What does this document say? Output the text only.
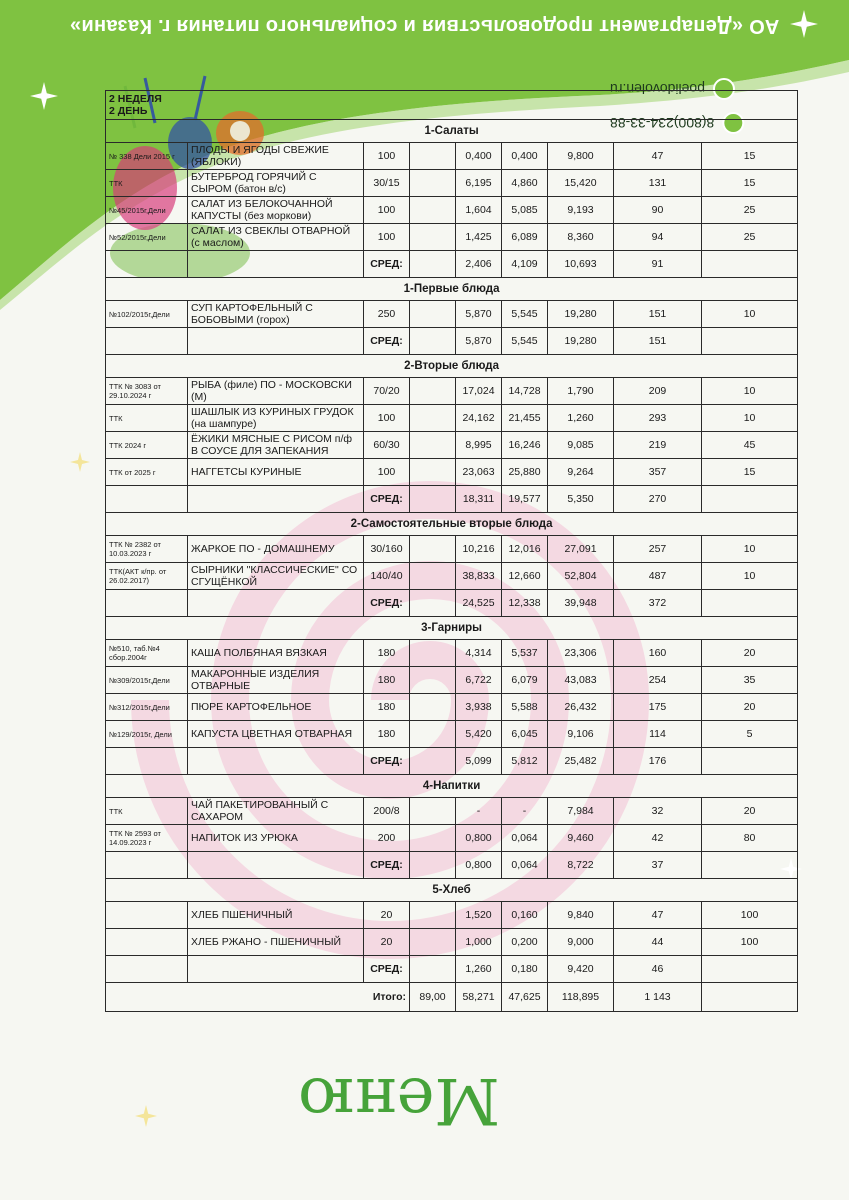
АО «Департамент продовольствия и социального питания г. Казани»
poelidovolen.ru
8(800)234-33-88
2 НЕДЕЛЯ
2 ДЕНЬ								

1-Салаты								
№ 338 Дели 2015 г	ПЛОДЫ И ЯГОДЫ СВЕЖИЕ (ЯБЛОКИ)	100		0,400	0,400	9,800	47	15
ТТК	БУТЕРБРОД ГОРЯЧИЙ С СЫРОМ (батон в/с)	30/15		6,195	4,860	15,420	131	15
№45/2015г,Дели	САЛАТ ИЗ БЕЛОКОЧАННОЙ КАПУСТЫ (без моркови)	100		1,604	5,085	9,193	90	25
№52/2015г,Дели	САЛАТ ИЗ СВЕКЛЫ ОТВАРНОЙ (с маслом)	100		1,425	6,089	8,360	94	25
		СРЕД:		2,406	4,109	10,693	91	
1-Первые блюда								
№102/2015г,Дели	СУП КАРТОФЕЛЬНЫЙ С БОБОВЫМИ (горох)	250		5,870	5,545	19,280	151	10
		СРЕД:		5,870	5,545	19,280	151	
2-Вторые блюда								
ТТК № 3083 от 29.10.2024 г	РЫБА (филе) ПО - МОСКОВСКИ (М)	70/20		17,024	14,728	1,790	209	10
ТТК	ШАШЛЫК ИЗ КУРИНЫХ ГРУДОК (на шампуре)	100		24,162	21,455	1,260	293	10
ТТК 2024 г	ЁЖИКИ МЯСНЫЕ С РИСОМ п/ф В СОУСЕ ДЛЯ ЗАПЕКАНИЯ	60/30		8,995	16,246	9,085	219	45
ТТК от 2025 г	НАГГЕТСЫ КУРИНЫЕ	100		23,063	25,880	9,264	357	15
		СРЕД:		18,311	19,577	5,350	270	
2-Самостоятельные вторые блюда								
ТТК № 2382 от 10.03.2023 г	ЖАРКОЕ ПО - ДОМАШНЕМУ	30/160		10,216	12,016	27,091	257	10
ТТК(АКТ к/пр. от 26.02.2017)	СЫРНИКИ "КЛАССИЧЕСКИЕ" СО СГУЩЁНКОЙ	140/40		38,833	12,660	52,804	487	10
		СРЕД:		24,525	12,338	39,948	372	
3-Гарниры								
№510, таб.№4 сбор.2004г	КАША ПОЛБЯНАЯ ВЯЗКАЯ	180		4,314	5,537	23,306	160	20
№309/2015г,Дели	МАКАРОННЫЕ ИЗДЕЛИЯ ОТВАРНЫЕ	180		6,722	6,079	43,083	254	35
№312/2015г,Дели	ПЮРЕ КАРТОФЕЛЬНОЕ	180		3,938	5,588	26,432	175	20
№129/2015г, Дели	КАПУСТА ЦВЕТНАЯ ОТВАРНАЯ	180		5,420	6,045	9,106	114	5
		СРЕД:		5,099	5,812	25,482	176	
4-Напитки								
ТТК	ЧАЙ ПАКЕТИРОВАННЫЙ С САХАРОМ	200/8		-	-	7,984	32	20
ТТК № 2593 от 14.09.2023 г	НАПИТОК ИЗ УРЮКА	200		0,800	0,064	9,460	42	80
		СРЕД:		0,800	0,064	8,722	37	
5-Хлеб								
	ХЛЕБ ПШЕНИЧНЫЙ	20		1,520	0,160	9,840	47	100
	ХЛЕБ РЖАНО - ПШЕНИЧНЫЙ	20		1,000	0,200	9,000	44	100
		СРЕД:		1,260	0,180	9,420	46	
Итого:			89,00	58,271	47,625	118,895	1 143	
Меню
